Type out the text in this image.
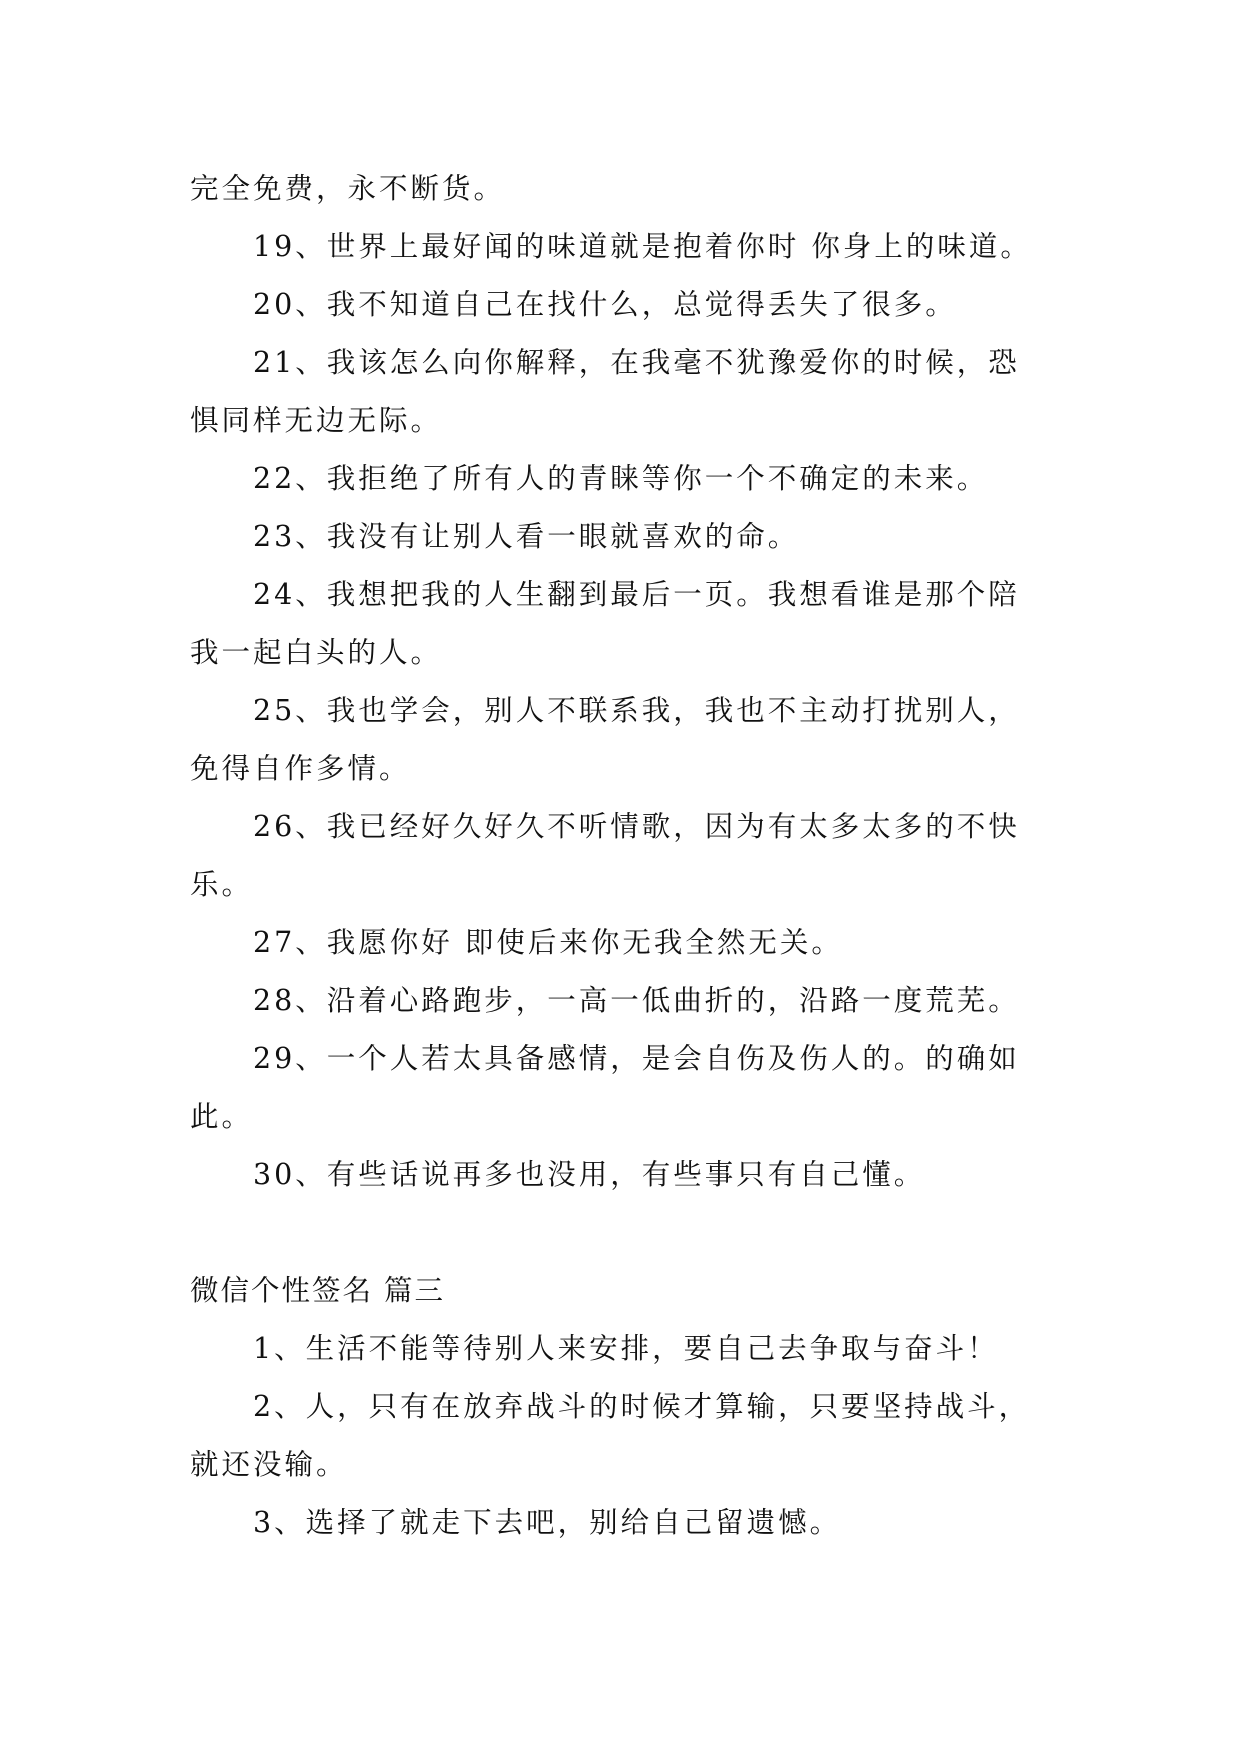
完全免费，永不断货。
19、世界上最好闻的味道就是抱着你时 你身上的味道。
20、我不知道自己在找什么，总觉得丢失了很多。
21、我该怎么向你解释，在我毫不犹豫爱你的时候，恐
惧同样无边无际。
22、我拒绝了所有人的青睐等你一个不确定的未来。
23、我没有让别人看一眼就喜欢的命。
24、我想把我的人生翻到最后一页。我想看谁是那个陪
我一起白头的人。
25、我也学会，别人不联系我，我也不主动打扰别人，
免得自作多情。
26、我已经好久好久不听情歌，因为有太多太多的不快
乐。
27、我愿你好 即使后来你无我全然无关。
28、沿着心路跑步，一高一低曲折的，沿路一度荒芜。
29、一个人若太具备感情，是会自伤及伤人的。的确如
此。
30、有些话说再多也没用，有些事只有自己懂。
微信个性签名 篇三
1、生活不能等待别人来安排，要自己去争取与奋斗！
2、人，只有在放弃战斗的时候才算输，只要坚持战斗，
就还没输。
3、选择了就走下去吧，别给自己留遗憾。
